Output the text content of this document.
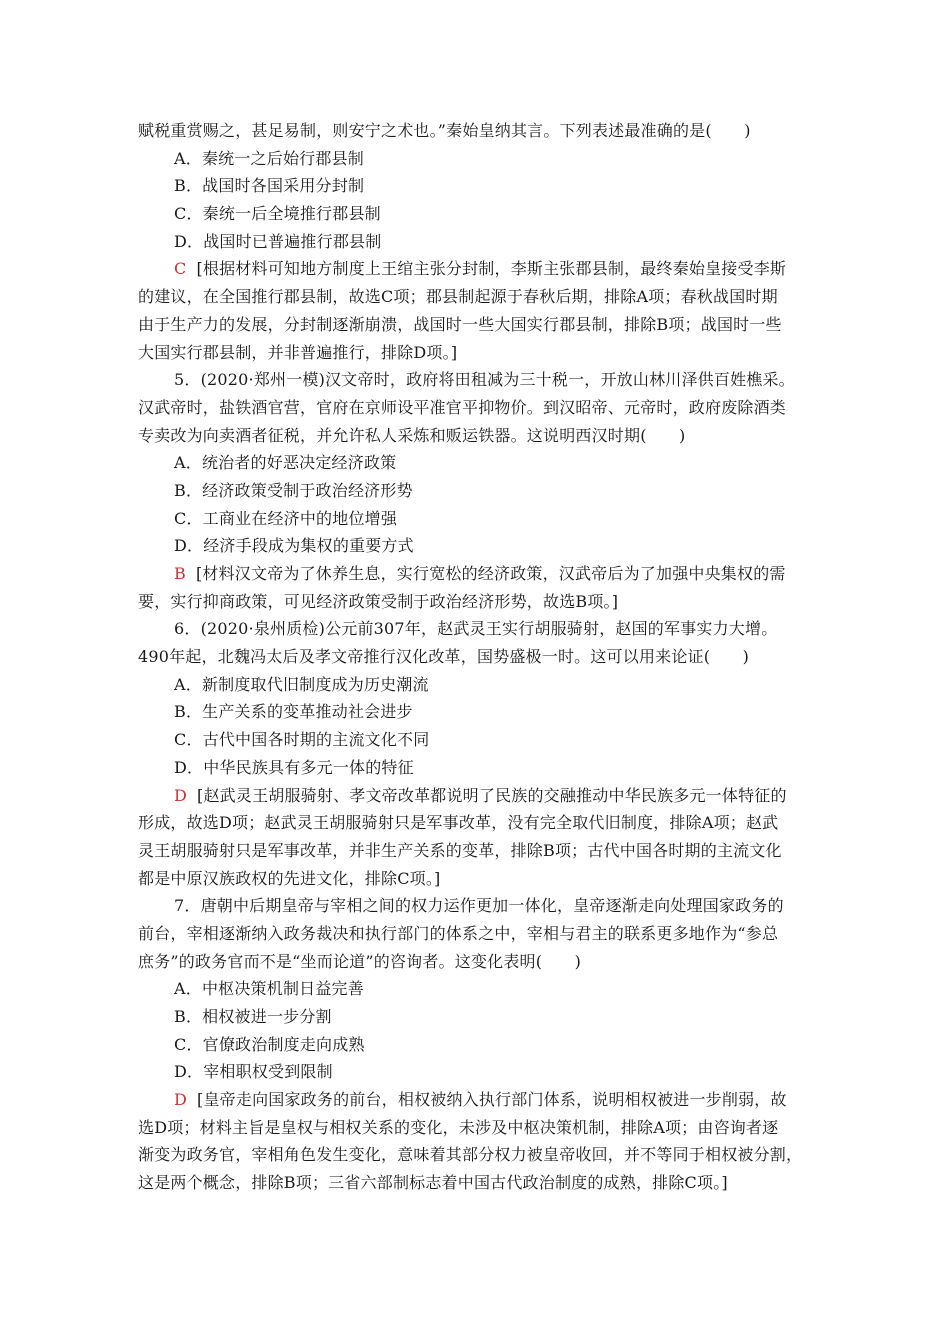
赋税重赏赐之，甚足易制，则安宁之术也。”秦始皇纳其言。下列表述最准确的是(　　)
A．秦统一之后始行郡县制
B．战国时各国采用分封制
C．秦统一后全境推行郡县制
D．战国时已普遍推行郡县制
C [根据材料可知地方制度上王绾主张分封制，李斯主张郡县制，最终秦始皇接受李斯
的建议，在全国推行郡县制，故选C项；郡县制起源于春秋后期，排除A项；春秋战国时期
由于生产力的发展，分封制逐渐崩溃，战国时一些大国实行郡县制，排除B项；战国时一些
大国实行郡县制，并非普遍推行，排除D项。]
5．(2020·郑州一模)汉文帝时，政府将田租减为三十税一，开放山林川泽供百姓樵采。
汉武帝时，盐铁酒官营，官府在京师设平准官平抑物价。到汉昭帝、元帝时，政府废除酒类
专卖改为向卖酒者征税，并允许私人采炼和贩运铁器。这说明西汉时期(　　)
A．统治者的好恶决定经济政策
B．经济政策受制于政治经济形势
C．工商业在经济中的地位增强
D．经济手段成为集权的重要方式
B [材料汉文帝为了休养生息，实行宽松的经济政策，汉武帝后为了加强中央集权的需
要，实行抑商政策，可见经济政策受制于政治经济形势，故选B项。]
6．(2020·泉州质检)公元前307年，赵武灵王实行胡服骑射，赵国的军事实力大增。
490年起，北魏冯太后及孝文帝推行汉化改革，国势盛极一时。这可以用来论证(　　)
A．新制度取代旧制度成为历史潮流
B．生产关系的变革推动社会进步
C．古代中国各时期的主流文化不同
D．中华民族具有多元一体的特征
D [赵武灵王胡服骑射、孝文帝改革都说明了民族的交融推动中华民族多元一体特征的
形成，故选D项；赵武灵王胡服骑射只是军事改革，没有完全取代旧制度，排除A项；赵武
灵王胡服骑射只是军事改革，并非生产关系的变革，排除B项；古代中国各时期的主流文化
都是中原汉族政权的先进文化，排除C项。]
7．唐朝中后期皇帝与宰相之间的权力运作更加一体化，皇帝逐渐走向处理国家政务的
前台，宰相逐渐纳入政务裁决和执行部门的体系之中，宰相与君主的联系更多地作为“参总
庶务”的政务官而不是“坐而论道”的咨询者。这变化表明(　　)
A．中枢决策机制日益完善
B．相权被进一步分割
C．官僚政治制度走向成熟
D．宰相职权受到限制
D [皇帝走向国家政务的前台，相权被纳入执行部门体系，说明相权被进一步削弱，故
选D项；材料主旨是皇权与相权关系的变化，未涉及中枢决策机制，排除A项；由咨询者逐
渐变为政务官，宰相角色发生变化，意味着其部分权力被皇帝收回，并不等同于相权被分割，
这是两个概念，排除B项；三省六部制标志着中国古代政治制度的成熟，排除C项。]
